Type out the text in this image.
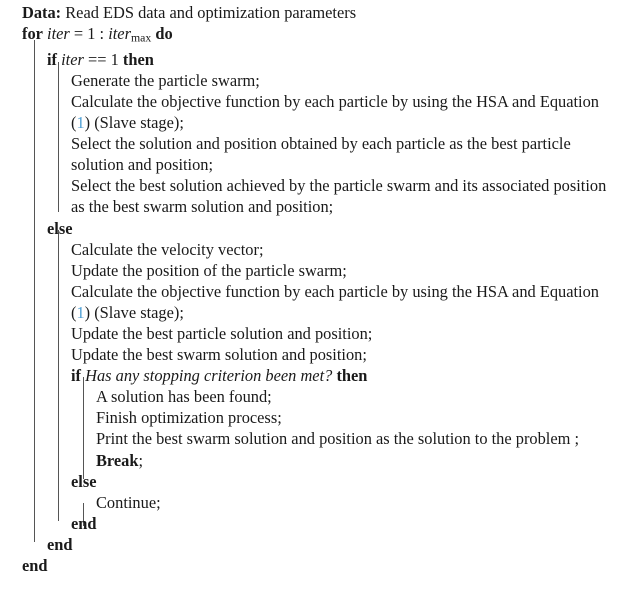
Data: Read EDS data and optimization parameters
for iter = 1 : iter$_{max}$ do
if iter == 1 then
Generate the particle swarm;
Calculate the objective function by each particle by using the HSA and Equation (1) (Slave stage);
Select the solution and position obtained by each particle as the best particle solution and position;
Select the best solution achieved by the particle swarm and its associated position as the best swarm solution and position;
else
Calculate the velocity vector;
Update the position of the particle swarm;
Calculate the objective function by each particle by using the HSA and Equation (1) (Slave stage);
Update the best particle solution and position;
Update the best swarm solution and position;
if Has any stopping criterion been met? then
A solution has been found;
Finish optimization process;
Print the best swarm solution and position as the solution to the problem ;
Break;
else
Continue;
end
end
end
